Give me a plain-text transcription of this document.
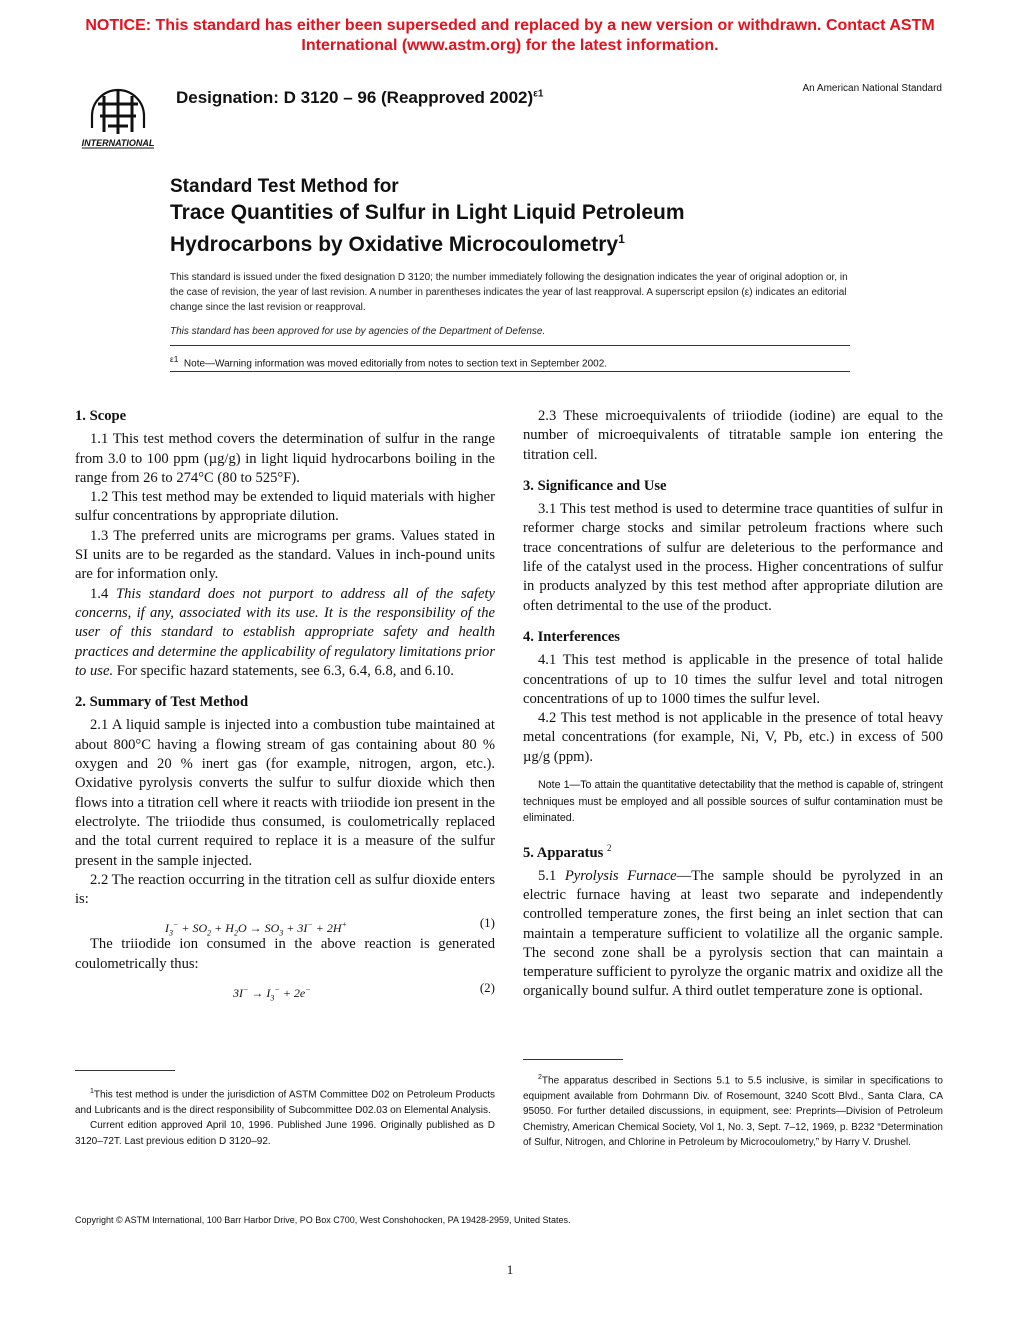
NOTICE: This standard has either been superseded and replaced by a new version or withdrawn. Contact ASTM
International (www.astm.org) for the latest information.
INTERNATIONAL
Designation: D 3120 – 96 (Reapproved 2002)$^{\varepsilon 1}$	An American National Standard
Standard Test Method for
Trace Quantities of Sulfur in Light Liquid Petroleum
Hydrocarbons by Oxidative Microcoulometry$^1$

This standard is issued under the fixed designation D 3120; the number immediately following the designation indicates the year of original adoption or, in the case of revision, the year of last revision. A number in parentheses indicates the year of last reapproval. A superscript epsilon (ε) indicates an editorial change since the last revision or reapproval.

This standard has been approved for use by agencies of the Department of Defense.

$^{\varepsilon 1}$ Note—Warning information was moved editorially from notes to section text in September 2002.
1. Scope

1.1 This test method covers the determination of sulfur in the range from 3.0 to 100 ppm (µg/g) in light liquid hydrocarbons boiling in the range from 26 to 274°C (80 to 525°F).

1.2 This test method may be extended to liquid materials with higher sulfur concentrations by appropriate dilution.

1.3 The preferred units are micrograms per grams. Values stated in SI units are to be regarded as the standard. Values in inch-pound units are for information only.

1.4 This standard does not purport to address all of the safety concerns, if any, associated with its use. It is the responsibility of the user of this standard to establish appropriate safety and health practices and determine the applicability of regulatory limitations prior to use. For specific hazard statements, see 6.3, 6.4, 6.8, and 6.10.

2. Summary of Test Method

2.1 A liquid sample is injected into a combustion tube maintained at about 800°C having a flowing stream of gas containing about 80 % oxygen and 20 % inert gas (for example, nitrogen, argon, etc.). Oxidative pyrolysis converts the sulfur to sulfur dioxide which then flows into a titration cell where it reacts with triiodide ion present in the electrolyte. The triiodide thus consumed, is coulometrically replaced and the total current required to replace it is a measure of the sulfur present in the sample injected.

2.2 The reaction occurring in the titration cell as sulfur dioxide enters is:

$I_3^- + SO_2 + H_2O \to SO_3 + 3I^- + 2H^+$	(1)

The triiodide ion consumed in the above reaction is generated coulometrically thus:

$3I^- \to I_3^- + 2e^-$	(2)

$^1$This test method is under the jurisdiction of ASTM Committee D02 on Petroleum Products and Lubricants and is the direct responsibility of Subcommittee D02.03 on Elemental Analysis.

Current edition approved April 10, 1996. Published June 1996. Originally published as D 3120–72T. Last previous edition D 3120–92.

2.3 These microequivalents of triiodide (iodine) are equal to the number of microequivalents of titratable sample ion entering the titration cell.

3. Significance and Use

3.1 This test method is used to determine trace quantities of sulfur in reformer charge stocks and similar petroleum fractions where such trace concentrations of sulfur are deleterious to the performance and life of the catalyst used in the process. Higher concentrations of sulfur in products analyzed by this test method after appropriate dilution are often detrimental to the use of the product.

4. Interferences

4.1 This test method is applicable in the presence of total halide concentrations of up to 10 times the sulfur level and total nitrogen concentrations of up to 1000 times the sulfur level.

4.2 This test method is not applicable in the presence of total heavy metal concentrations (for example, Ni, V, Pb, etc.) in excess of 500 µg/g (ppm).

Note 1—To attain the quantitative detectability that the method is capable of, stringent techniques must be employed and all possible sources of sulfur contamination must be eliminated.
5. Apparatus $^2$

5.1 Pyrolysis Furnace—The sample should be pyrolyzed in an electric furnace having at least two separate and independently controlled temperature zones, the first being an inlet section that can maintain a temperature sufficient to volatilize all the organic sample. The second zone shall be a pyrolysis section that can maintain a temperature sufficient to pyrolyze the organic matrix and oxidize all the organically bound sulfur. A third outlet temperature zone is optional.

$^2$The apparatus described in Sections 5.1 to 5.5 inclusive, is similar in specifications to equipment available from Dohrmann Div. of Rosemount, 3240 Scott Blvd., Santa Clara, CA 95050. For further detailed discussions, in equipment, see: Preprints—Division of Petroleum Chemistry, American Chemical Society, Vol 1, No. 3, Sept. 7–12, 1969, p. B232 “Determination of Sulfur, Nitrogen, and Chlorine in Petroleum by Microcoulometry,” by Harry V. Drushel.

Copyright © ASTM International, 100 Barr Harbor Drive, PO Box C700, West Conshohocken, PA 19428-2959, United States.
1
